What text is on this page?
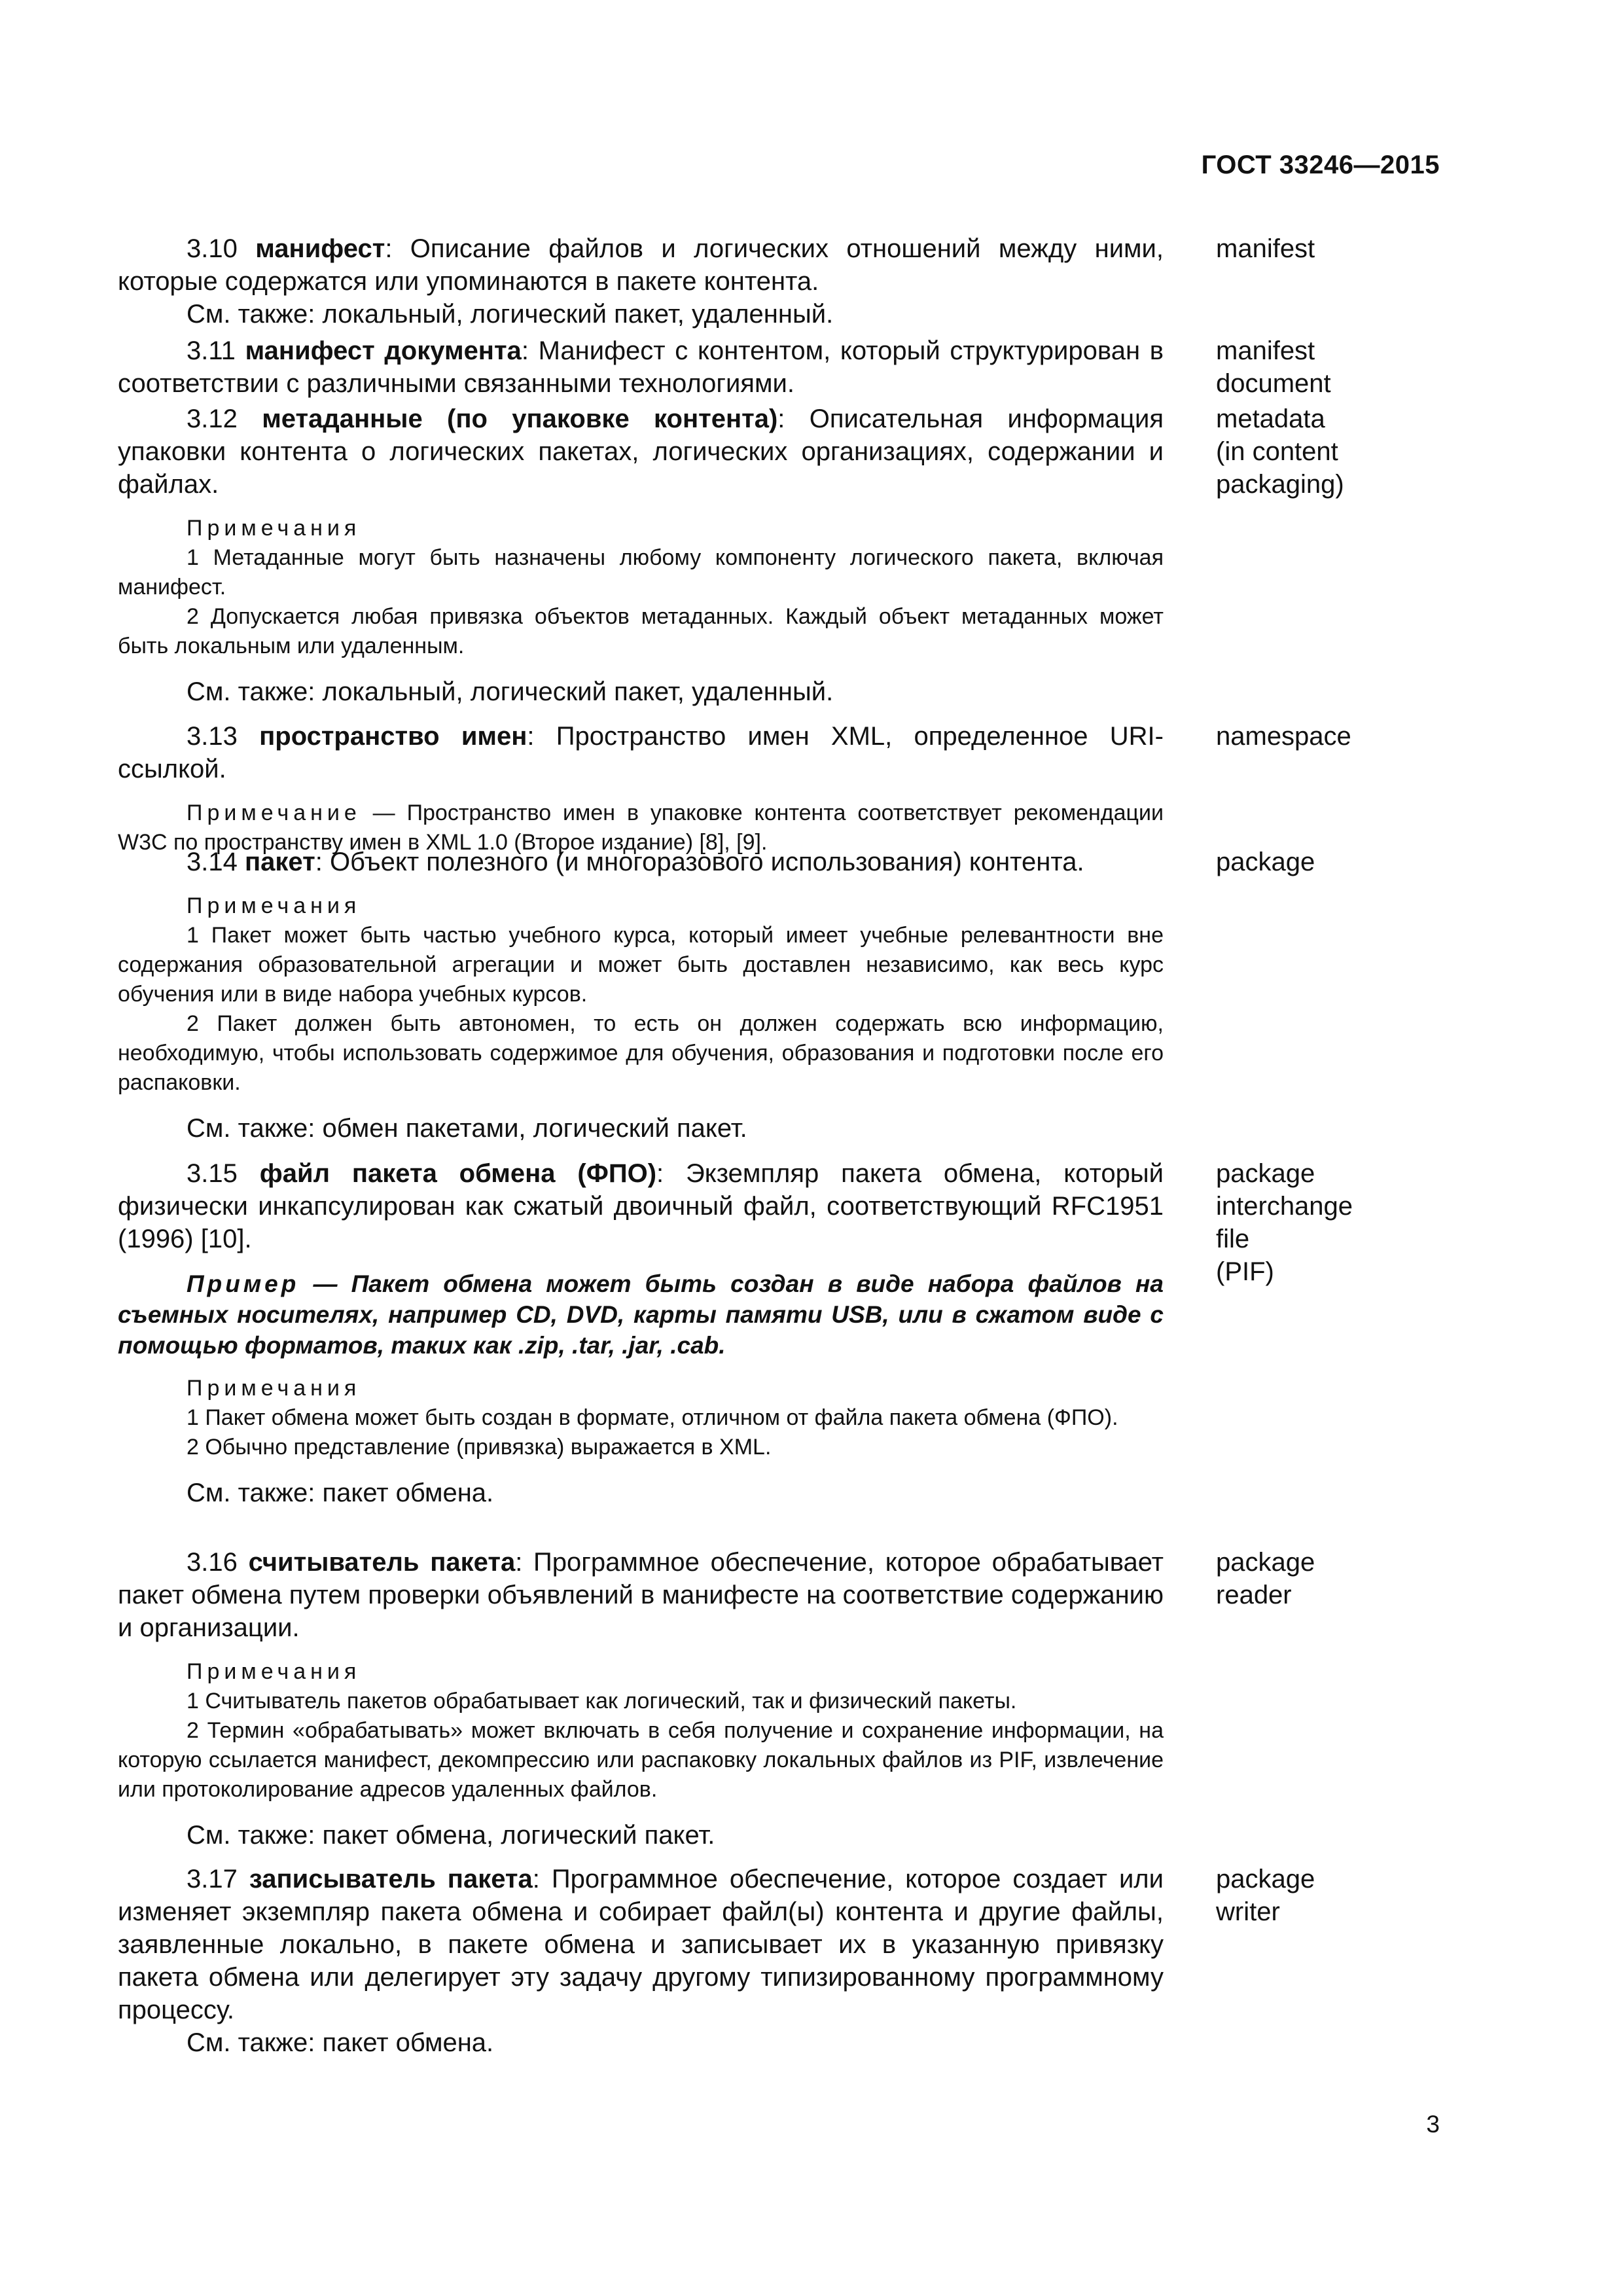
ГОСТ 33246—2015

3.10 манифест: Описание файлов и логических отношений между ними, которые содержатся или упоминаются в пакете контента.

См. также: локальный, логический пакет, удаленный.

manifest

3.11 манифест документа: Манифест с контентом, который структурирован в соответствии с различными связанными технологиями.

manifest document

3.12 метаданные (по упаковке контента): Описательная информация упаковки контента о логических пакетах, логических организациях, содержании и файлах.

Примечания

1 Метаданные могут быть назначены любому компоненту логического пакета, включая манифест.

2 Допускается любая привязка объектов метаданных. Каждый объект метаданных может быть локальным или удаленным.

См. также: локальный, логический пакет, удаленный.

metadata
(in content
packaging)

3.13 пространство имен: Пространство имен XML, определенное URI-ссылкой.

Примечание — Пространство имен в упаковке контента соответствует рекомендации W3C по пространству имен в XML 1.0 (Второе издание) [8], [9].

namespace

3.14 пакет: Объект полезного (и многоразового использования) контента.

Примечания

1 Пакет может быть частью учебного курса, который имеет учебные релевантности вне содержания образовательной агрегации и может быть доставлен независимо, как весь курс обучения или в виде набора учебных курсов.

2 Пакет должен быть автономен, то есть он должен содержать всю информацию, необходимую, чтобы использовать содержимое для обучения, образования и подготовки после его распаковки.

См. также: обмен пакетами, логический пакет.

package

3.15 файл пакета обмена (ФПО): Экземпляр пакета обмена, который физически инкапсулирован как сжатый двоичный файл, соответствующий RFC1951 (1996) [10].

Пример — Пакет обмена может быть создан в виде набора файлов на съемных носителях, например CD, DVD, карты памяти USB, или в сжатом виде с помощью форматов, таких как .zip, .tar, .jar, .cab.

Примечания

1 Пакет обмена может быть создан в формате, отличном от файла пакета обмена (ФПО).

2 Обычно представление (привязка) выражается в XML.

См. также: пакет обмена.

package
interchange file
(PIF)

3.16 считыватель пакета: Программное обеспечение, которое обрабатывает пакет обмена путем проверки объявлений в манифесте на соответствие содержанию и организации.

Примечания

1 Считыватель пакетов обрабатывает как логический, так и физический пакеты.

2 Термин «обрабатывать» может включать в себя получение и сохранение информации, на которую ссылается манифест, декомпрессию или распаковку локальных файлов из PIF, извлечение или протоколирование адресов удаленных файлов.

См. также: пакет обмена, логический пакет.

package reader

3.17 записыватель пакета: Программное обеспечение, которое создает или изменяет экземпляр пакета обмена и собирает файл(ы) контента и другие файлы, заявленные локально, в пакете обмена и записывает их в указанную привязку пакета обмена или делегирует эту задачу другому типизированному программному процессу.

См. также: пакет обмена.

package writer
3
